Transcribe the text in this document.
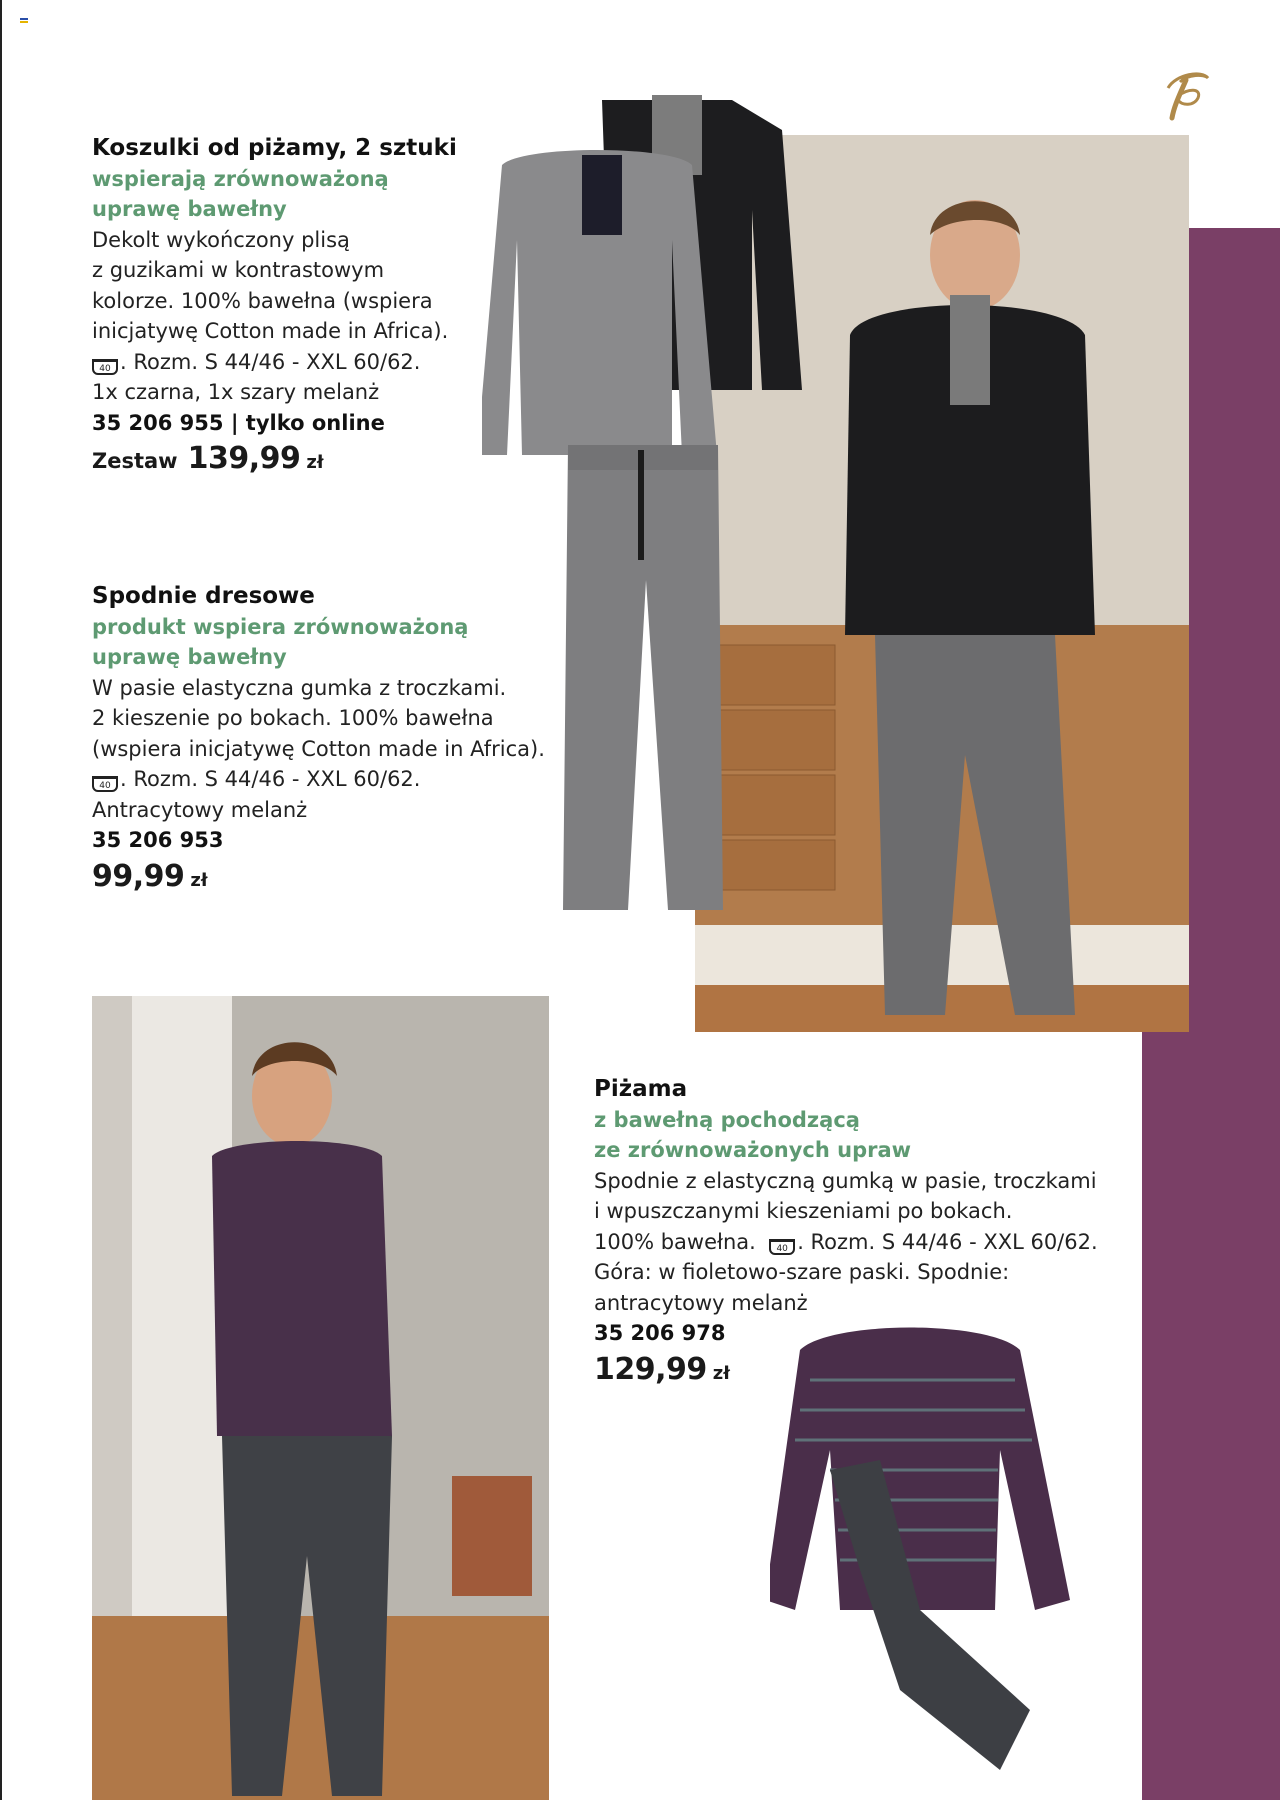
Koszulki od piżamy, 2 sztuki
wspierają zrównoważoną
uprawę bawełny
Dekolt wykończony plisą
z guzikami w kontrastowym
kolorze. 100% bawełna (wspiera
inicjatywę Cotton made in Africa).
40 . Rozm. S 44/46 - XXL 60/62.
1x czarna, 1x szary melanż
35 206 955 | tylko online
Zestaw 139,99 zł
Spodnie dresowe
produkt wspiera zrównoważoną
uprawę bawełny
W pasie elastyczna gumka z troczkami.
2 kieszenie po bokach. 100% bawełna
(wspiera inicjatywę Cotton made in Africa).
40 . Rozm. S 44/46 - XXL 60/62.
Antracytowy melanż
35 206 953
99,99 zł
Piżama
z bawełną pochodzącą
ze zrównoważonych upraw
Spodnie z elastyczną gumką w pasie, troczkami
i wpuszczanymi kieszeniami po bokach.
100% bawełna. 40 . Rozm. S 44/46 - XXL 60/62.
Góra: w fioletowo-szare paski. Spodnie:
antracytowy melanż
35 206 978
129,99 zł
